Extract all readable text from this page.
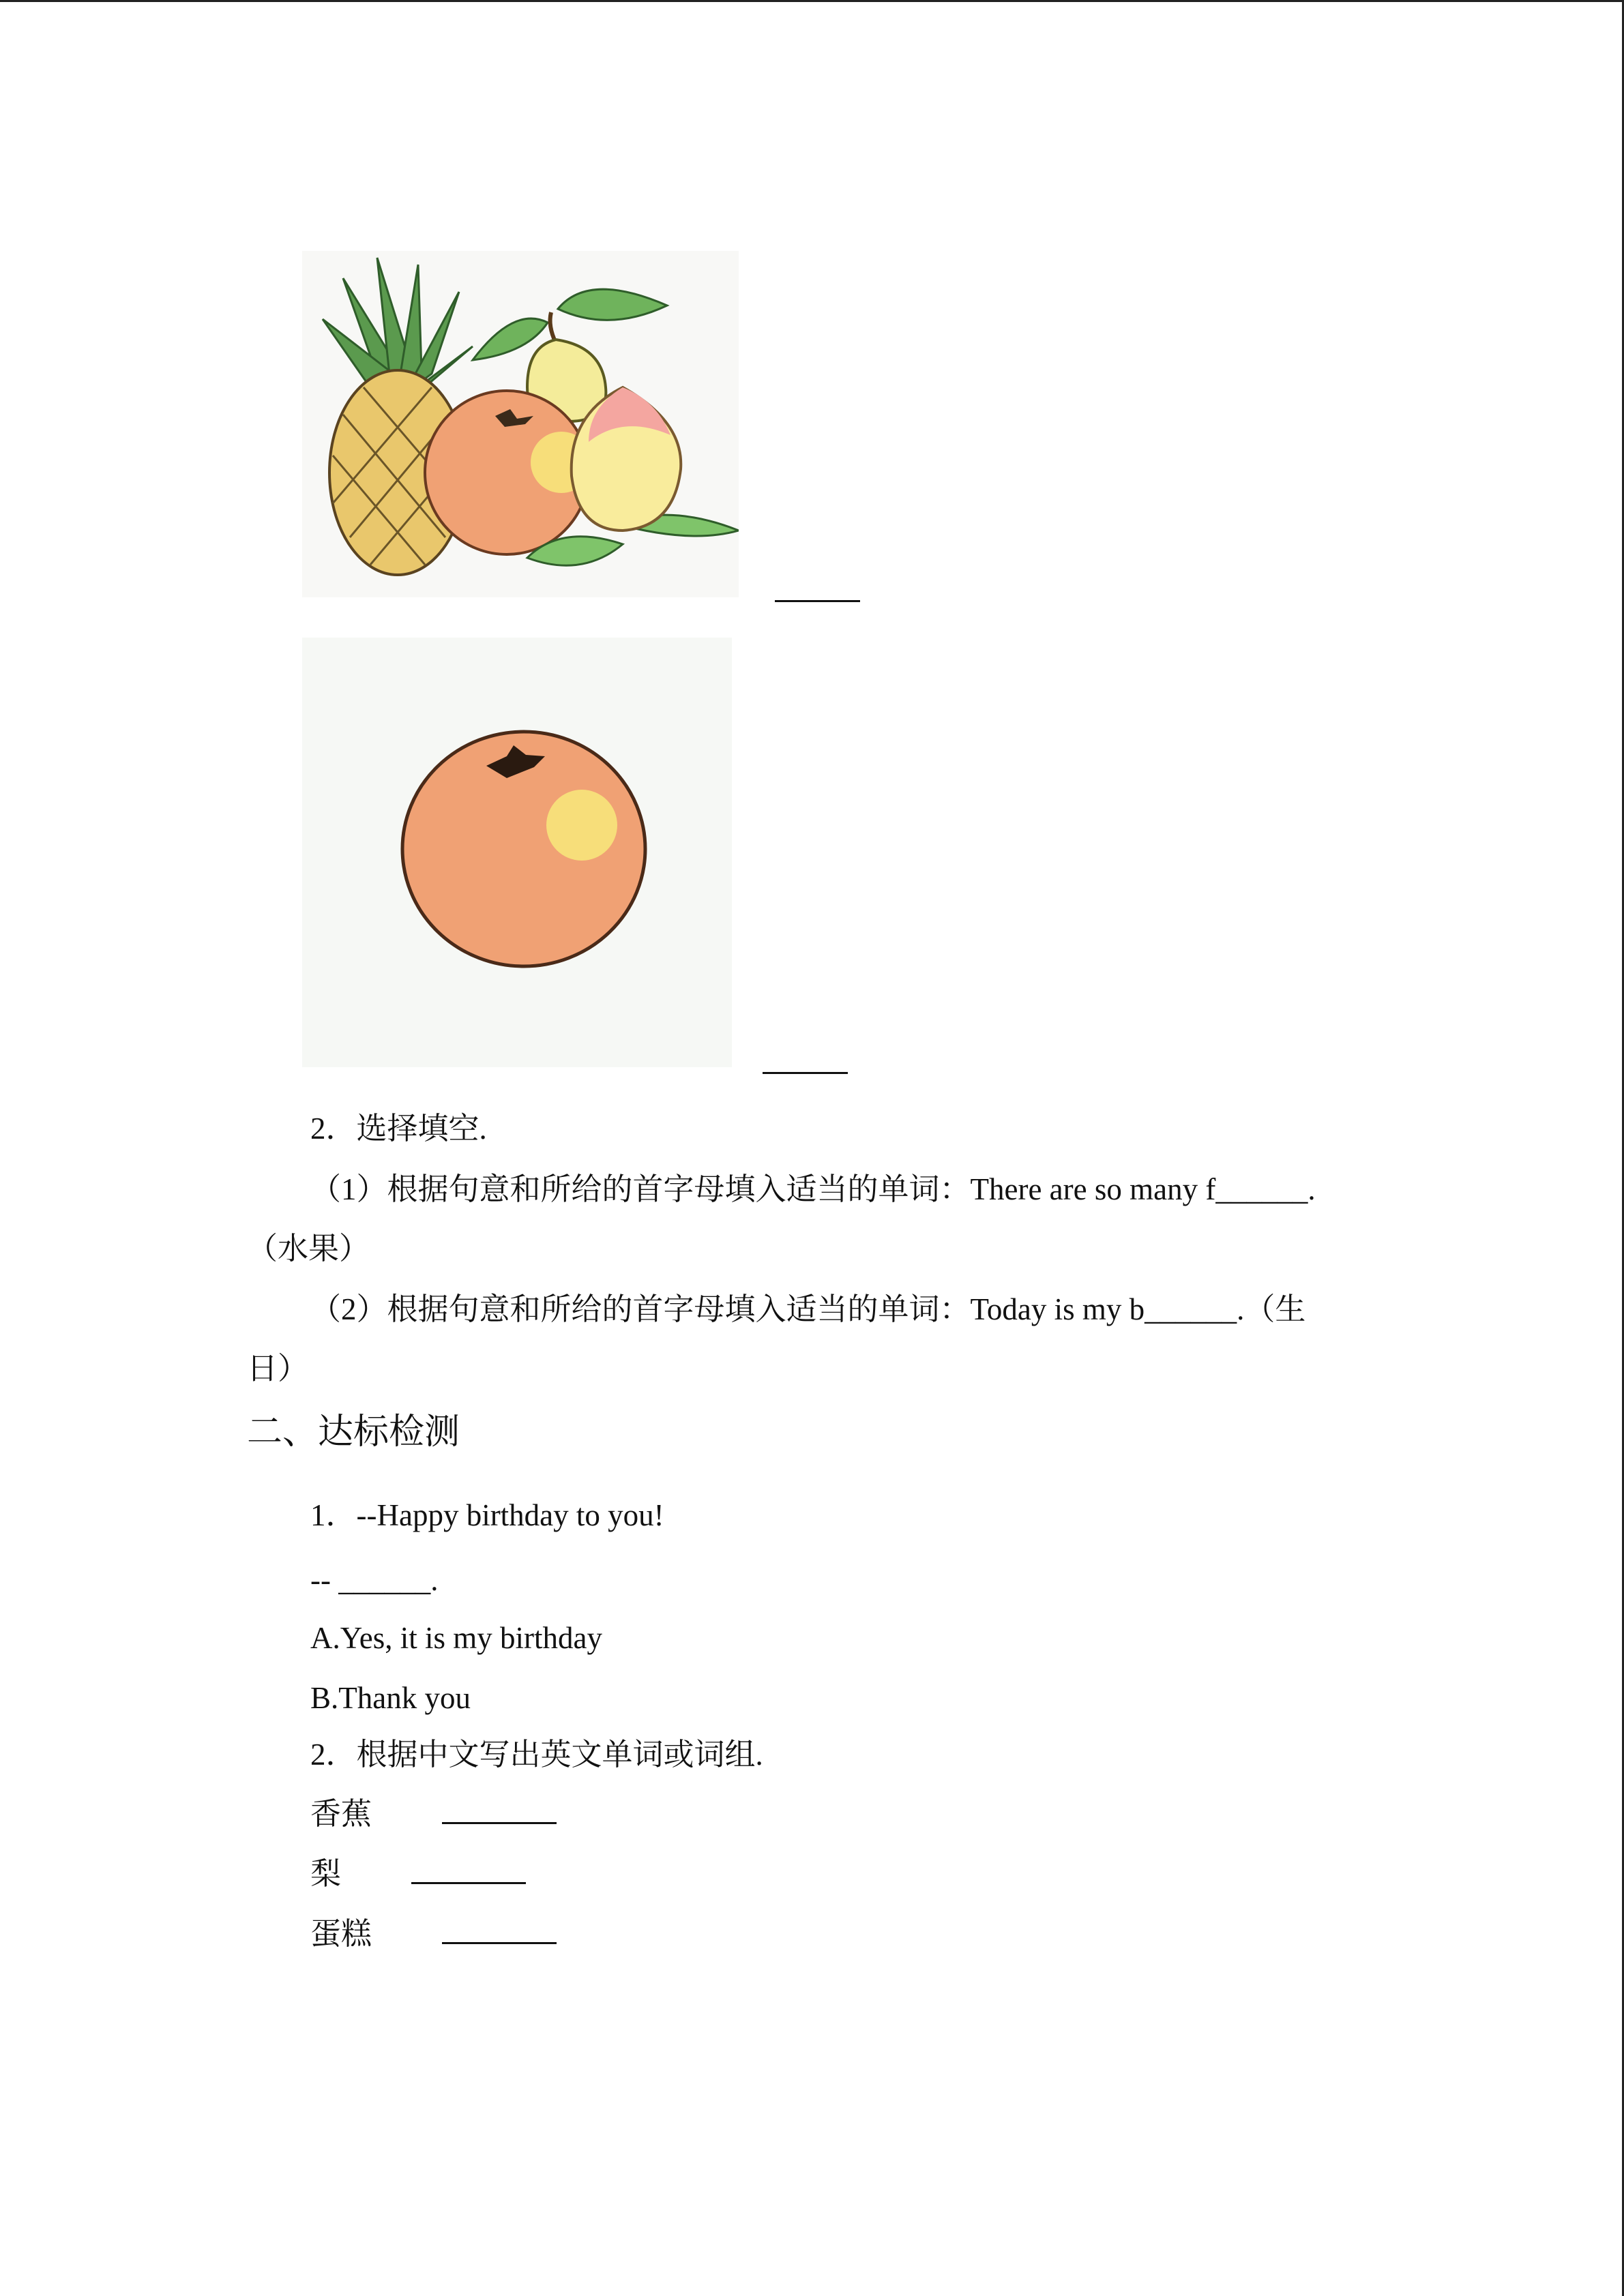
2．选择填空.
（1）根据句意和所给的首字母填入适当的单词：There are so many f______.
（水果）
（2）根据句意和所给的首字母填入适当的单词：Today is my b______.（生
日）
二、达标检测
1．--Happy birthday to you!
-- ______.
A.Yes, it is my birthday
B.Thank you
2．根据中文写出英文单词或词组.
香蕉
梨
蛋糕
